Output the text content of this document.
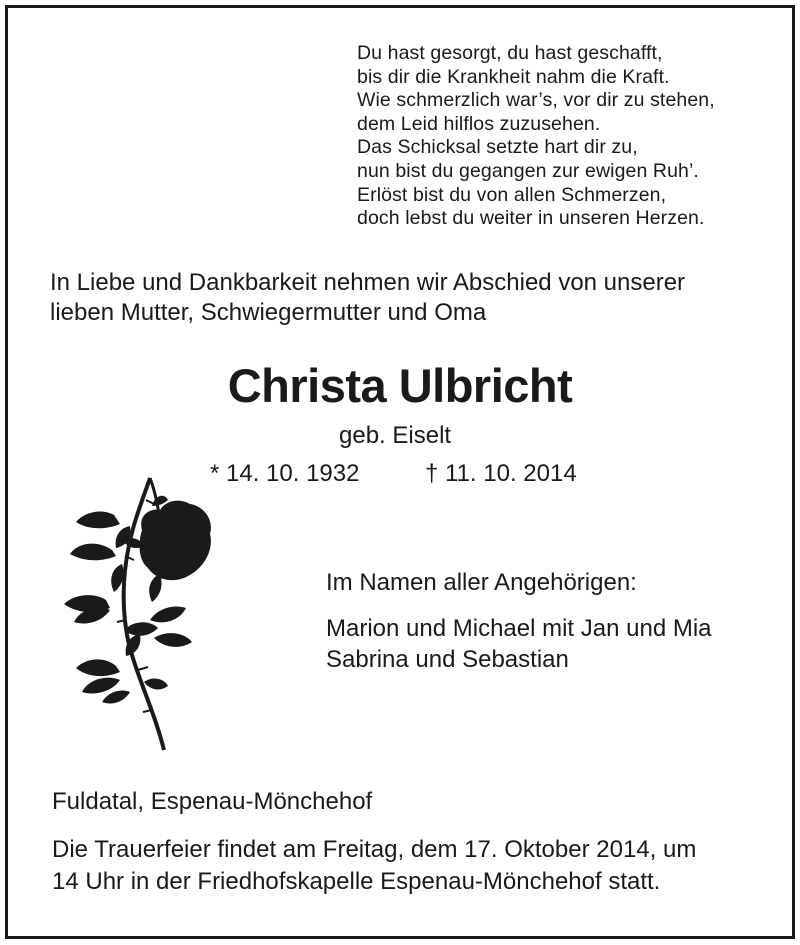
Du hast gesorgt, du hast geschafft,
bis dir die Krankheit nahm die Kraft.
Wie schmerzlich war’s, vor dir zu stehen,
dem Leid hilflos zuzusehen.
Das Schicksal setzte hart dir zu,
nun bist du gegangen zur ewigen Ruh’.
Erlöst bist du von allen Schmerzen,
doch lebst du weiter in unseren Herzen.
In Liebe und Dankbarkeit nehmen wir Abschied von unserer
lieben Mutter, Schwiegermutter und Oma
Christa Ulbricht
geb. Eiselt
* 14. 10. 1932	† 11. 10. 2014
Im Namen aller Angehörigen:
Marion und Michael mit Jan und Mia
Sabrina und Sebastian
Fuldatal, Espenau-Mönchehof
Die Trauerfeier findet am Freitag, dem 17. Oktober 2014, um
14 Uhr in der Friedhofskapelle Espenau-Mönchehof statt.
